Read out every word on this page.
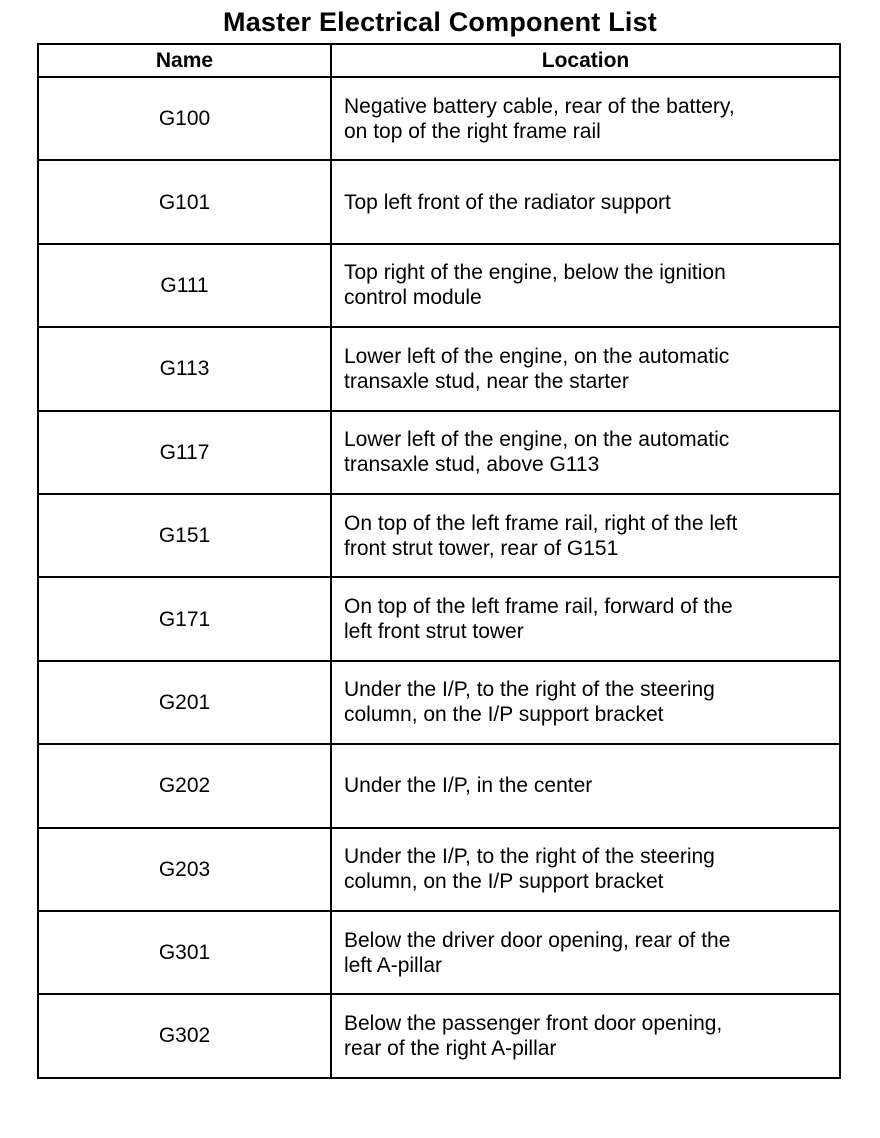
Master Electrical Component List
Name	Location
G100	Negative battery cable, rear of the battery,
on top of the right frame rail

G101	Top left front of the radiator support

G111	Top right of the engine, below the ignition
control module

G113	Lower left of the engine, on the automatic
transaxle stud, near the starter

G117	Lower left of the engine, on the automatic
transaxle stud, above G113

G151	On top of the left frame rail, right of the left
front strut tower, rear of G151

G171	On top of the left frame rail, forward of the
left front strut tower

G201	Under the I/P, to the right of the steering
column, on the I/P support bracket

G202	Under the I/P, in the center

G203	Under the I/P, to the right of the steering
column, on the I/P support bracket

G301	Below the driver door opening, rear of the
left A-pillar

G302	Below the passenger front door opening,
rear of the right A-pillar
